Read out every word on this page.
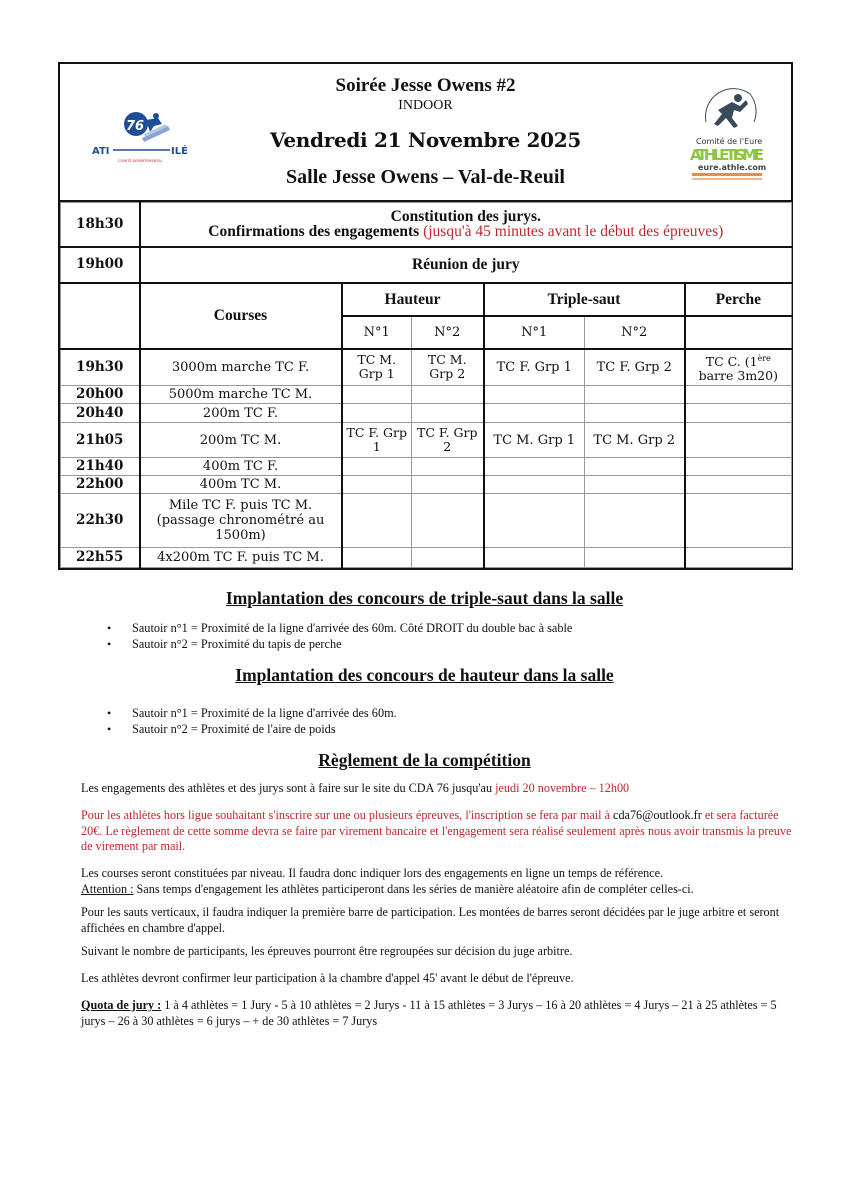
76
ATI	ILÉ
COMITÉ DÉPARTEMENTAL
Soirée Jesse Owens #2
INDOOR
Vendredi 21 Novembre 2025
Salle Jesse Owens – Val-de-Reuil
Comité de l'Eure
ATHLETISME
eure.athle.com
18h30	Constitution des jurys.
Confirmations des engagements (jusqu'à 45 minutes avant le début des épreuves)					

19h00	Réunion de jury					
	Courses	Hauteur		Triple-saut		Perche
		N°1	N°2	N°1	N°2	
19h30	3000m marche TC F.	TC M. Grp 1	TC M. Grp 2	TC F. Grp 1	TC F. Grp 2	TC C. (1ère
barre 3m20)
20h00	5000m marche TC M.					
20h40	200m TC F.					
21h05	200m TC M.	TC F. Grp 1	TC F. Grp 2	TC M. Grp 1	TC M. Grp 2	
21h40	400m TC F.					
22h00	400m TC M.					
22h30	Mile TC F. puis TC M. (passage chronométré au 1500m)					
22h55	4x200m TC F. puis TC M.					
Implantation des concours de triple-saut dans la salle
• Sautoir n°1 = Proximité de la ligne d'arrivée des 60m. Côté DROIT du double bac à sable
• Sautoir n°2 = Proximité du tapis de perche
Implantation des concours de hauteur dans la salle
• Sautoir n°1 = Proximité de la ligne d'arrivée des 60m.
• Sautoir n°2 = Proximité de l'aire de poids
Règlement de la compétition

Les engagements des athlètes et des jurys sont à faire sur le site du CDA 76 jusqu'au jeudi 20 novembre – 12h00

Pour les athlètes hors ligue souhaitant s'inscrire sur une ou plusieurs épreuves, l'inscription se fera par mail à cda76@outlook.fr et sera facturée 20€. Le règlement de cette somme devra se faire par virement bancaire et l'engagement sera réalisé seulement après nous avoir transmis la preuve de virement par mail.

Les courses seront constituées par niveau. Il faudra donc indiquer lors des engagements en ligne un temps de référence.
Attention : Sans temps d'engagement les athlètes participeront dans les séries de manière aléatoire afin de compléter celles-ci.

Pour les sauts verticaux, il faudra indiquer la première barre de participation. Les montées de barres seront décidées par le juge arbitre et seront affichées en chambre d'appel.

Suivant le nombre de participants, les épreuves pourront être regroupées sur décision du juge arbitre.

Les athlètes devront confirmer leur participation à la chambre d'appel 45' avant le début de l'épreuve.

Quota de jury : 1 à 4 athlètes = 1 Jury - 5 à 10 athlètes = 2 Jurys - 11 à 15 athlètes = 3 Jurys – 16 à 20 athlètes = 4 Jurys – 21 à 25 athlètes = 5 jurys – 26 à 30 athlètes = 6 jurys – + de 30 athlètes = 7 Jurys
